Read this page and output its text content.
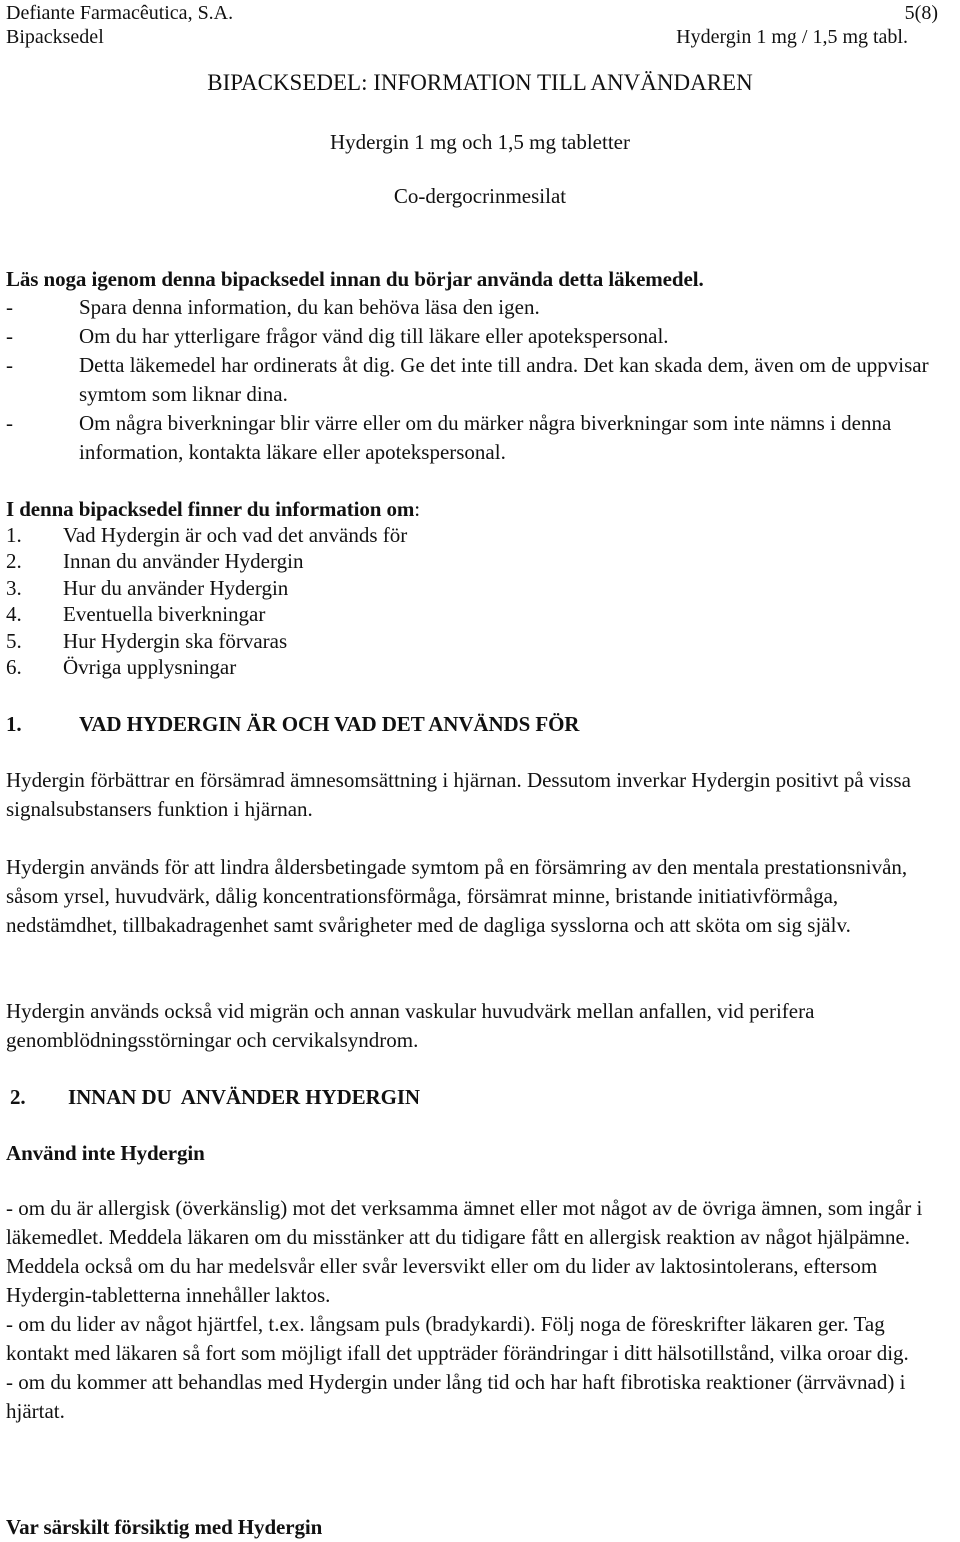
Defiante Farmacêutica, S.A.	5(8)
Bipacksedel	Hydergin 1 mg / 1,5 mg tabl.
BIPACKSEDEL: INFORMATION TILL ANVÄNDAREN
Hydergin 1 mg och 1,5 mg tabletter
Co-dergocrinmesilat
Läs noga igenom denna bipacksedel innan du börjar använda detta läkemedel.
-	Spara denna information, du kan behöva läsa den igen.
-	Om du har ytterligare frågor vänd dig till läkare eller apotekspersonal.
-	Detta läkemedel har ordinerats åt dig. Ge det inte till andra. Det kan skada dem, även om de uppvisar symtom som liknar dina.
-	Om några biverkningar blir värre eller om du märker några biverkningar som inte nämns i denna information, kontakta läkare eller apotekspersonal.
I denna bipacksedel finner du information om:
1. Vad Hydergin är och vad det används för
2. Innan du använder Hydergin
3. Hur du använder Hydergin
4. Eventuella biverkningar
5. Hur Hydergin ska förvaras
6. Övriga upplysningar
1.	VAD HYDERGIN ÄR OCH VAD DET ANVÄNDS FÖR
Hydergin förbättrar en försämrad ämnesomsättning i hjärnan. Dessutom inverkar Hydergin positivt på vissa signalsubstansers funktion i hjärnan.
Hydergin används för att lindra åldersbetingade symtom på en försämring av den mentala prestationsnivån, såsom yrsel, huvudvärk, dålig koncentrationsförmåga, försämrat minne, bristande initiativförmåga, nedstämdhet, tillbakadragenhet samt svårigheter med de dagliga sysslorna och att sköta om sig själv.
Hydergin används också vid migrän och annan vaskular huvudvärk mellan anfallen, vid perifera genomblödningsstörningar och cervikalsyndrom.
2. INNAN DU  ANVÄNDER HYDERGIN
Använd inte Hydergin
- om du är allergisk (överkänslig) mot det verksamma ämnet eller mot något av de övriga ämnen, som ingår i läkemedlet. Meddela läkaren om du misstänker att du tidigare fått en allergisk reaktion av något hjälpämne. Meddela också om du har medelsvår eller svår leversvikt eller om du lider av laktosintolerans, eftersom Hydergin-tabletterna innehåller laktos.
- om du lider av något hjärtfel, t.ex. långsam puls (bradykardi). Följ noga de föreskrifter läkaren ger. Tag kontakt med läkaren så fort som möjligt ifall det uppträder förändringar i ditt hälsotillstånd, vilka oroar dig.
- om du kommer att behandlas med Hydergin under lång tid och har haft fibrotiska reaktioner (ärrvävnad) i hjärtat.
Var särskilt försiktig med Hydergin
